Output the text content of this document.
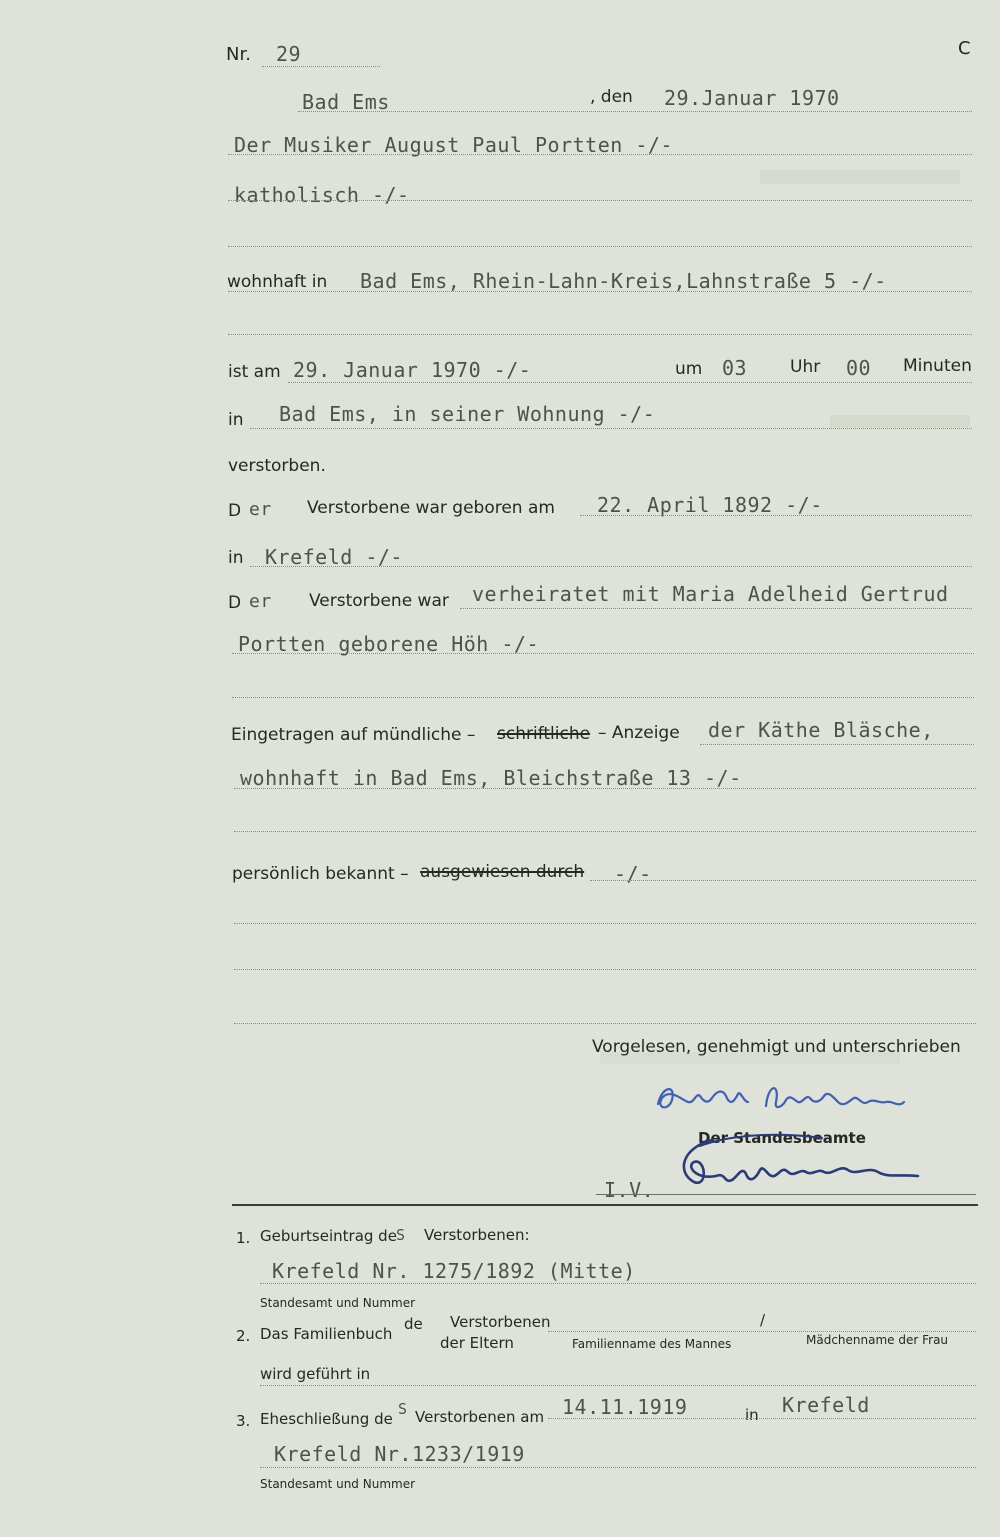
Nr. 29	C
Bad Ems	, den 29.Januar 1970
Der Musiker August Paul Portten -/-
katholisch -/-
wohnhaft in Bad Ems, Rhein-Lahn-Kreis,Lahnstraße 5 -/-
ist am 29. Januar 1970 -/-	um 03	Uhr 00 Minuten
in Bad Ems, in seiner Wohnung -/-
verstorben.
D er Verstorbene war geboren am 22. April 1892 -/-
in Krefeld -/-
D er Verstorbene war verheiratet mit Maria Adelheid Gertrud
Portten geborene Höh -/-
Eingetragen auf mündliche – schriftliche – Anzeige der Käthe Bläsche,
wohnhaft in Bad Ems, Bleichstraße 13 -/-
persönlich bekannt – ausgewiesen durch -/-
Vorgelesen, genehmigt und unterschrieben
Der Standesbeamte
I.V.
1. Geburtseintrag de S Verstorbenen:
Krefeld Nr. 1275/1892 (Mitte)
Standesamt und Nummer
2. Das Familienbuch
de Verstorbenen
der Eltern
/
Familienname des Mannes	Mädchenname der Frau
wird geführt in
3. Eheschließung de
S Verstorbenen am 14.11.1919	in Krefeld
Krefeld Nr.1233/1919
Standesamt und Nummer
